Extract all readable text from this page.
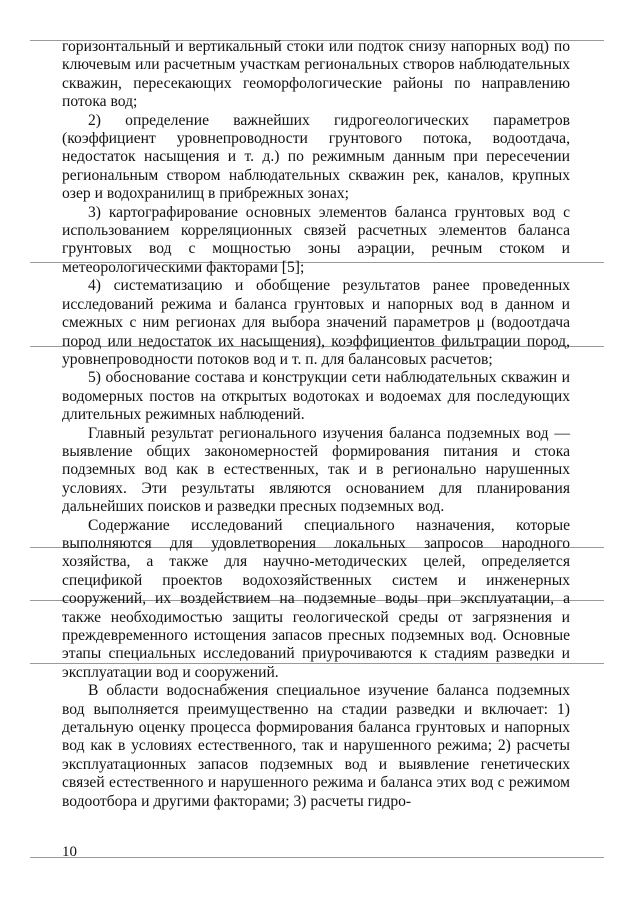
горизонтальный и вертикальный стоки или подток снизу напорных вод) по ключевым или расчетным участкам региональных створов наблюдательных скважин, пересекающих геоморфологические районы по направлению потока вод;

2) определение важнейших гидрогеологических параметров (коэффициент уровнепроводности грунтового потока, водоотдача, недостаток насыщения и т. д.) по режимным данным при пересечении региональным створом наблюдательных скважин рек, каналов, крупных озер и водохранилищ в прибрежных зонах;

3) картографирование основных элементов баланса грунтовых вод с использованием корреляционных связей расчетных элементов баланса грунтовых вод с мощностью зоны аэрации, речным стоком и метеорологическими факторами [5];

4) систематизацию и обобщение результатов ранее проведенных исследований режима и баланса грунтовых и напорных вод в данном и смежных с ним регионах для выбора значений параметров μ (водоотдача пород или недостаток их насыщения), коэффициентов фильтрации пород, уровнепроводности потоков вод и т. п. для балансовых расчетов;

5) обоснование состава и конструкции сети наблюдательных скважин и водомерных постов на открытых водотоках и водоемах для последующих длительных режимных наблюдений.

Главный результат регионального изучения баланса подземных вод — выявление общих закономерностей формирования питания и стока подземных вод как в естественных, так и в регионально нарушенных условиях. Эти результаты являются основанием для планирования дальнейших поисков и разведки пресных подземных вод.

Содержание исследований специального назначения, которые выполняются для удовлетворения локальных запросов народного хозяйства, а также для научно-методических целей, определяется спецификой проектов водохозяйственных систем и инженерных сооружений, их воздействием на подземные воды при эксплуатации, а также необходимостью защиты геологической среды от загрязнения и преждевременного истощения запасов пресных подземных вод. Основные этапы специальных исследований приурочиваются к стадиям разведки и эксплуатации вод и сооружений.

В области водоснабжения специальное изучение баланса подземных вод выполняется преимущественно на стадии разведки и включает: 1) детальную оценку процесса формирования баланса грунтовых и напорных вод как в условиях естественного, так и нарушенного режима; 2) расчеты эксплуатационных запасов подземных вод и выявление генетических связей естественного и нарушенного режима и баланса этих вод с режимом водоотбора и другими факторами; 3) расчеты гидро-

10
